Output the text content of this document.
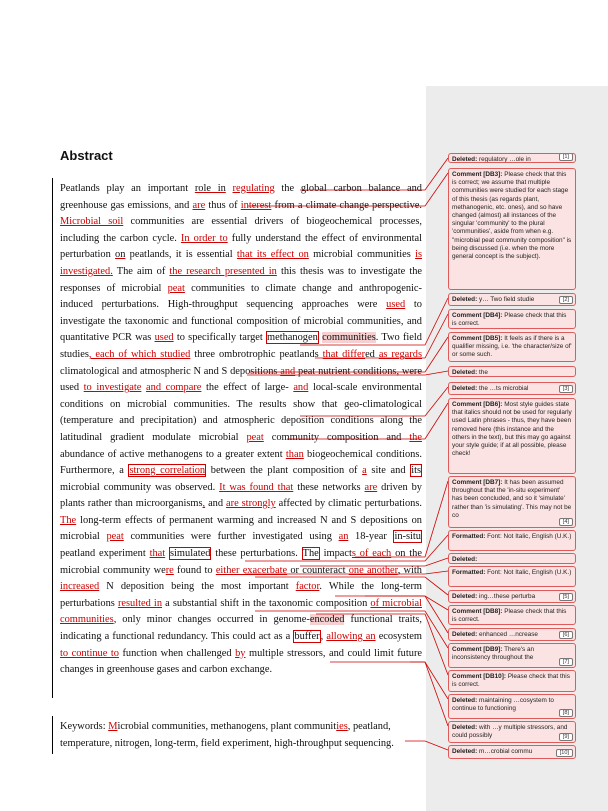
Abstract
Peatlands play an important role in regulating the global carbon balance and greenhouse gas emissions, and are thus of interest from a climate change perspective. Microbial soil communities are essential drivers of biogeochemical processes, including the carbon cycle. In order to fully understand the effect of environmental perturbation on peatlands, it is essential that its effect on microbial communities is investigated. The aim of the research presented in this thesis was to investigate the responses of microbial peat communities to climate change and anthropogenic-induced perturbations. High-throughput sequencing approaches were used to investigate the taxonomic and functional composition of microbial communities, and quantitative PCR was used to specifically target methanogen communities. Two field studies, each of which studied three ombrotrophic peatlands that differed as regards climatological and atmospheric N and S depositions and peat nutrient conditions, were used to investigate and compare the effect of large- and local-scale environmental conditions on microbial communities. The results show that geo-climatological (temperature and precipitation) and atmospheric deposition conditions along the latitudinal gradient modulate microbial peat community composition and the abundance of active methanogens to a greater extent than biogeochemical conditions. Furthermore, a strong correlation between the plant composition of a site and its microbial community was observed. It was found that these networks are driven by plants rather than microorganisms, and are strongly affected by climatic perturbations. The long-term effects of permanent warming and increased N and S depositions on microbial peat communities were further investigated using an 18-year in-situ peatland experiment that simulated these perturbations. The impacts of each on the microbial community were found to either exacerbate or counteract one another, with increased N deposition being the most important factor. While the long-term perturbations resulted in a substantial shift in the taxonomic composition of microbial communities, only minor changes occurred in genome-encoded functional traits, indicating a functional redundancy. This could act as a buffer, allowing an ecosystem to continue to function when challenged by multiple stressors, and could limit future changes in greenhouse gases and carbon exchange.
Keywords: Microbial communities, methanogens, plant communities, peatland, temperature, nitrogen, long-term, field experiment, high-throughput sequencing.
Deleted: regulatory …ole in	[1]
Comment [DB3]: Please check that this is correct; we assume that multiple communities were studied for each stage of this thesis (as regards plant, methanogenic, etc. ones), and so have changed (almost) all instances of the singular 'community' to the plural 'communities', aside from when e.g. "microbial peat community composition" is being discussed (i.e. when the more general concept is the subject).
Deleted: y… Two field studie	[2]
Comment [DB4]: Please check that this is correct.
Comment [DB5]: It feels as if there is a qualifier missing, i.e. 'the character/size of' or some such.
Deleted: the
Deleted: the …ts microbial	[3]
Comment [DB6]: Most style guides state that italics should not be used for regularly used Latin phrases - thus, they have been removed here (this instance and the others in the text), but this may go against your style guide; if at all possible, please check!
Comment [DB7]: It has been assumed throughout that the 'in-situ experiment' has been concluded, and so it 'simulate' rather than 'is simulating'. This may not be co
[4]
Formatted: Font: Not Italic, English (U.K.)
Deleted:
Formatted: Font: Not Italic, English (U.K.)
Deleted: ing…these perturba	[5]
Comment [DB8]: Please check that this is correct.
Deleted: enhanced …ncrease	[6]
Comment [DB9]: There's an inconsistency throughout the
[7]
Comment [DB10]: Please check that this is correct.
Deleted: maintaining …cosystem to continue to functioning
[8]
Deleted: with …y multiple stressors, and could possibly	[9]
Deleted: m…crobial commu	[10]
